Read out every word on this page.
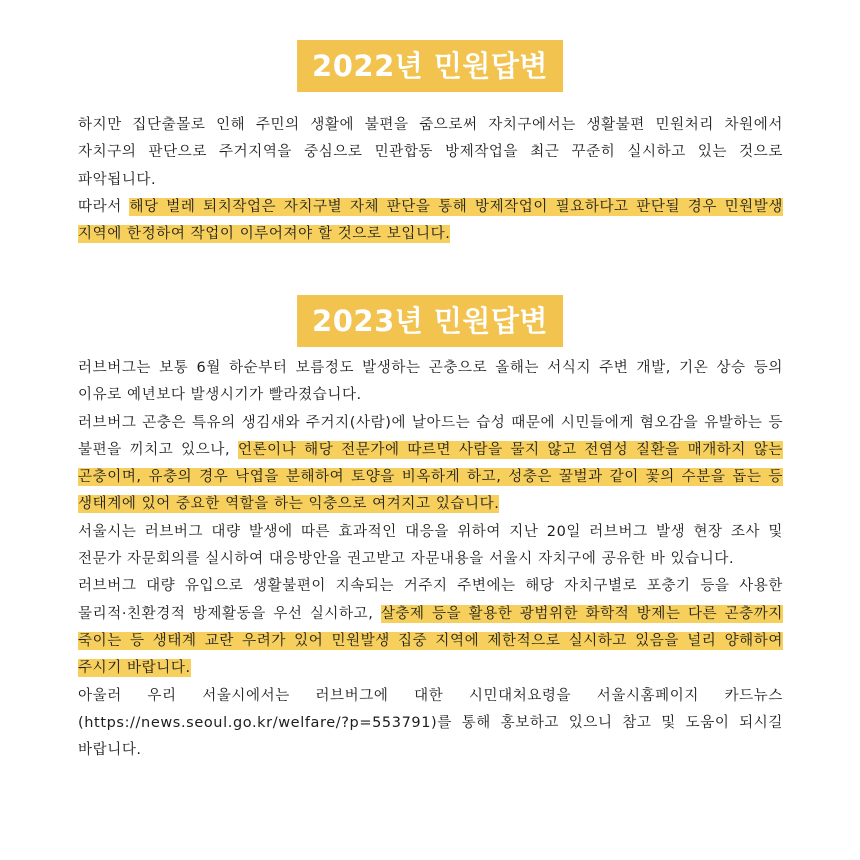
2022년 민원답변

하지만 집단출몰로 인해 주민의 생활에 불편을 줌으로써 자치구에서는 생활불편 민원처리 차원에서 자치구의 판단으로 주거지역을 중심으로 민관합동 방제작업을 최근 꾸준히 실시하고 있는 것으로 파악됩니다.

따라서 해당 벌레 퇴치작업은 자치구별 자체 판단을 통해 방제작업이 필요하다고 판단될 경우 민원발생 지역에 한정하여 작업이 이루어져야 할 것으로 보입니다.

2023년 민원답변

러브버그는 보통 6월 하순부터 보름정도 발생하는 곤충으로 올해는 서식지 주변 개발, 기온 상승 등의 이유로 예년보다 발생시기가 빨라졌습니다.

러브버그 곤충은 특유의 생김새와 주거지(사람)에 날아드는 습성 때문에 시민들에게 혐오감을 유발하는 등 불편을 끼치고 있으나, 언론이나 해당 전문가에 따르면 사람을 물지 않고 전염성 질환을 매개하지 않는 곤충이며, 유충의 경우 낙엽을 분해하여 토양을 비옥하게 하고, 성충은 꿀벌과 같이 꽃의 수분을 돕는 등 생태계에 있어 중요한 역할을 하는 익충으로 여겨지고 있습니다.

서울시는 러브버그 대량 발생에 따른 효과적인 대응을 위하여 지난 20일 러브버그 발생 현장 조사 및 전문가 자문회의를 실시하여 대응방안을 권고받고 자문내용을 서울시 자치구에 공유한 바 있습니다.

러브버그 대량 유입으로 생활불편이 지속되는 거주지 주변에는 해당 자치구별로 포충기 등을 사용한 물리적·친환경적 방제활동을 우선 실시하고, 살충제 등을 활용한 광범위한 화학적 방제는 다른 곤충까지 죽이는 등 생태계 교란 우려가 있어 민원발생 집중 지역에 제한적으로 실시하고 있음을 널리 양해하여 주시기 바랍니다.

아울러 우리 서울시에서는 러브버그에 대한 시민대처요령을 서울시홈페이지 카드뉴스(https://news.seoul.go.kr/welfare/?p=553791)를 통해 홍보하고 있으니 참고 및 도움이 되시길 바랍니다.
